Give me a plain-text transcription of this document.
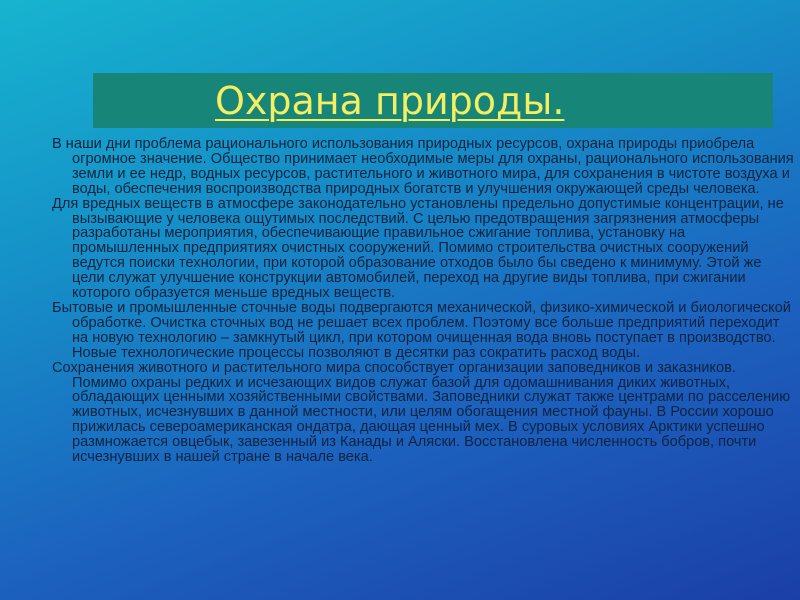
Охрана природы.

В наши дни проблема рационального использования природных ресурсов, охрана природы приобрела огромное значение. Общество принимает необходимые меры для охраны, рационального использования земли и ее недр, водных ресурсов, растительного и животного мира, для сохранения в чистоте воздуха и воды, обеспечения воспроизводства природных богатств и улучшения окружающей среды человека.

Для вредных веществ в атмосфере законодательно установлены предельно допустимые концентрации, не вызывающие у человека ощутимых последствий. С целью предотвращения загрязнения атмосферы разработаны мероприятия, обеспечивающие правильное сжигание топлива, установку на промышленных предприятиях очистных сооружений. Помимо строительства очистных сооружений ведутся поиски технологии, при которой образование отходов было бы сведено к минимуму. Этой же цели служат улучшение конструкции автомобилей, переход на другие виды топлива, при сжигании которого образуется меньше вредных веществ.

Бытовые и промышленные сточные воды подвергаются механической, физико-химической и биологической обработке. Очистка сточных вод не решает всех проблем. Поэтому все больше предприятий переходит на новую технологию – замкнутый цикл, при котором очищенная вода вновь поступает в производство. Новые технологические процессы позволяют в десятки раз сократить расход воды.

Сохранения животного и растительного мира способствует организации заповедников и заказников. Помимо охраны редких и исчезающих видов служат базой для одомашнивания диких животных, обладающих ценными хозяйственными свойствами. Заповедники служат также центрами по расселению животных, исчезнувших в данной местности, или целям обогащения местной фауны. В России хорошо прижилась североамериканская ондатра, дающая ценный мех. В суровых условиях Арктики успешно размножается овцебык, завезенный из Канады и Аляски. Восстановлена численность бобров, почти исчезнувших в нашей стране в начале века.
